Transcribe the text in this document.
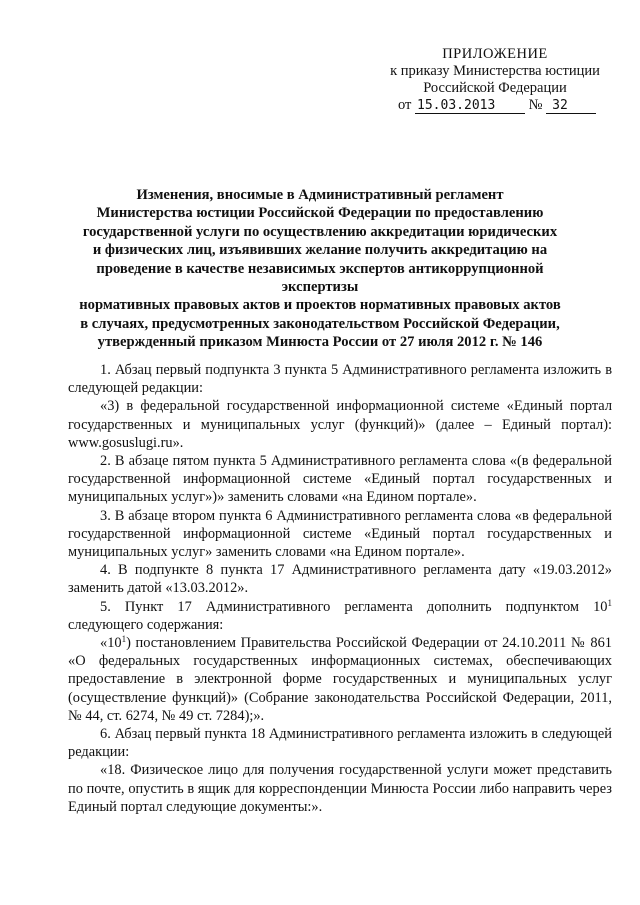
ПРИЛОЖЕНИЕ
к приказу Министерства юстиции
Российской Федерации
от 15.03.2013 № 32
Изменения, вносимые в Административный регламент
Министерства юстиции Российской Федерации по предоставлению
государственной услуги по осуществлению аккредитации юридических
и физических лиц, изъявивших желание получить аккредитацию на
проведение в качестве независимых экспертов антикоррупционной экспертизы
нормативных правовых актов и проектов нормативных правовых актов
в случаях, предусмотренных законодательством Российской Федерации,
утвержденный приказом Минюста России от 27 июля 2012 г. № 146

1. Абзац первый подпункта 3 пункта 5 Административного регламента изложить в следующей редакции:

«3) в федеральной государственной информационной системе «Единый портал государственных и муниципальных услуг (функций)» (далее – Единый портал): www.gosuslugi.ru».

2. В абзаце пятом пункта 5 Административного регламента слова «(в федеральной государственной информационной системе «Единый портал государственных и муниципальных услуг»)» заменить словами «на Едином портале».

3. В абзаце втором пункта 6 Административного регламента слова «в федеральной государственной информационной системе «Единый портал государственных и муниципальных услуг» заменить словами «на Едином портале».

4. В подпункте 8 пункта 17 Административного регламента дату «19.03.2012» заменить датой «13.03.2012».

5. Пункт 17 Административного регламента дополнить подпунктом $10^1$ следующего содержания:

«$10^1$) постановлением Правительства Российской Федерации от 24.10.2011 № 861 «О федеральных государственных информационных системах, обеспечивающих предоставление в электронной форме государственных и муниципальных услуг (осуществление функций)» (Собрание законодательства Российской Федерации, 2011, № 44, ст. 6274, № 49 ст. 7284);».

6. Абзац первый пункта 18 Административного регламента изложить в следующей редакции:

«18. Физическое лицо для получения государственной услуги может представить по почте, опустить в ящик для корреспонденции Минюста России либо направить через Единый портал следующие документы:».
